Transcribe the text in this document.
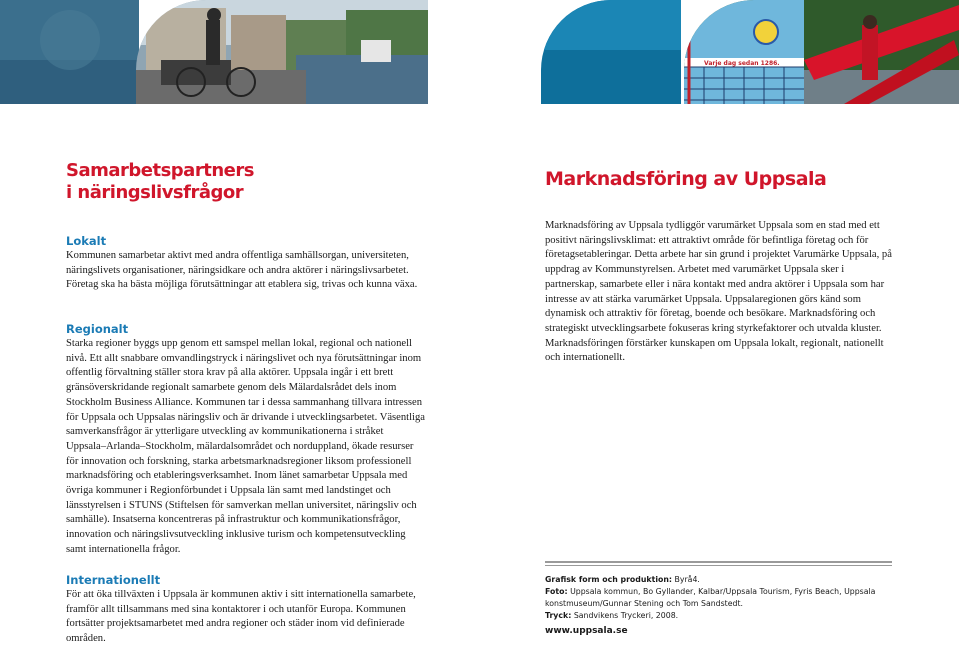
Varje dag sedan 1286.
Samarbetspartners
i näringslivsfrågor

Lokalt

Kommunen samarbetar aktivt med andra offentliga samhällsorgan, universiteten, näringslivets organisationer, näringsidkare och andra aktörer i näringslivsarbetet. Företag ska ha bästa möjliga förutsättningar att etablera sig, trivas och kunna växa.

Regionalt

Starka regioner byggs upp genom ett samspel mellan lokal, regional och nationell nivå. Ett allt snabbare omvandlingstryck i näringslivet och nya förutsättningar inom offentlig förvaltning ställer stora krav på alla aktörer. Uppsala ingår i ett brett gränsöverskridande regionalt samarbete genom dels Mälardalsrådet dels inom Stockholm Business Alliance. Kommunen tar i dessa sammanhang tillvara intressen för Uppsala och Uppsalas näringsliv och är drivande i utvecklingsarbetet. Väsentliga samverkansfrågor är ytterligare utveckling av kommunikationerna i stråket Uppsala–Arlanda–Stockholm, mälardalsområdet och norduppland, ökade resurser för innovation och forskning, starka arbetsmarknadsregioner liksom professionell marknadsföring och etableringsverksamhet. Inom länet samarbetar Uppsala med övriga kommuner i Regionförbundet i Uppsala län samt med landstinget och länsstyrelsen i STUNS (Stiftelsen för samverkan mellan universitet, näringsliv och samhälle). Insatserna koncentreras på infrastruktur och kommunikationsfrågor, innovation och näringslivsutveckling inklusive turism och kompetensutveckling samt internationella frågor.

Internationellt

För att öka tillväxten i Uppsala är kommunen aktiv i sitt internationella samarbete, framför allt tillsammans med sina kontaktorer i och utanför Europa. Kommunen fortsätter projektsamarbetet med andra regioner och städer inom vid definierade områden.

Marknadsföring av Uppsala

Marknadsföring av Uppsala tydliggör varumärket Uppsala som en stad med ett positivt näringslivsklimat: ett attraktivt område för befintliga företag och för företagsetableringar. Detta arbete har sin grund i projektet Varumärke Uppsala, på uppdrag av Kommunstyrelsen. Arbetet med varumärket Uppsala sker i partnerskap, samarbete eller i nära kontakt med andra aktörer i Uppsala som har intresse av att stärka varumärket Uppsala. Uppsalaregionen görs känd som dynamisk och attraktiv för företag, boende och besökare. Marknadsföring och strategiskt utvecklingsarbete fokuseras kring styrkefaktorer och utvalda kluster. Marknadsföringen förstärker kunskapen om Uppsala lokalt, regionalt, nationellt och internationellt.

Grafisk form och produktion: Byrå4.

Foto: Uppsala kommun, Bo Gyllander, Kalbar/Uppsala Tourism, Fyris Beach, Uppsala konstmuseum/Gunnar Stening och Tom Sandstedt.

Tryck: Sandvikens Tryckeri, 2008.

www.uppsala.se
